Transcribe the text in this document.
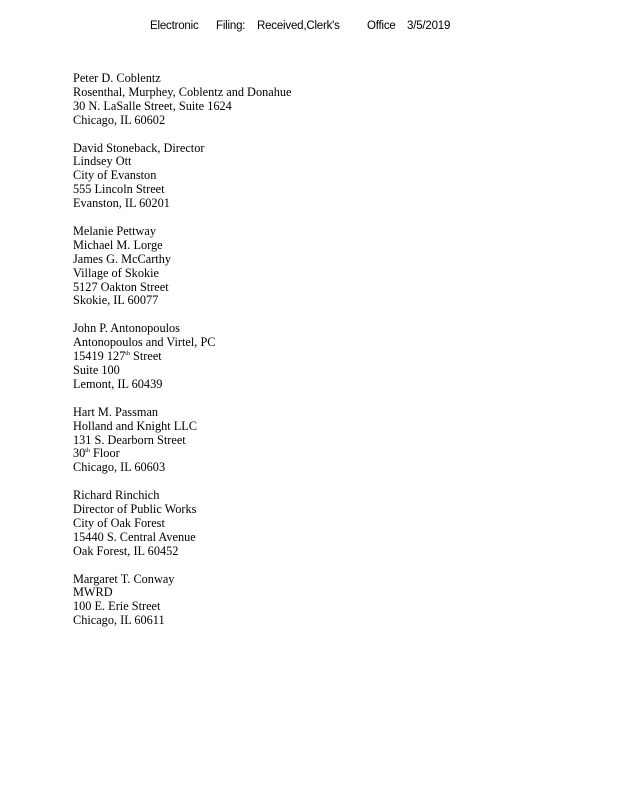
Electronic Filing: Received,Clerk's Office 3/5/2019
Peter D. Coblentz
Rosenthal, Murphey, Coblentz and Donahue
30 N. LaSalle Street, Suite 1624
Chicago, IL 60602
David Stoneback, Director
Lindsey Ott
City of Evanston
555 Lincoln Street
Evanston, IL 60201
Melanie Pettway
Michael M. Lorge
James G. McCarthy
Village of Skokie
5127 Oakton Street
Skokie, IL 60077
John P. Antonopoulos
Antonopoulos and Virtel, PC
15419 127th Street
Suite 100
Lemont, IL 60439
Hart M. Passman
Holland and Knight LLC
131 S. Dearborn Street
30th Floor
Chicago, IL 60603
Richard Rinchich
Director of Public Works
City of Oak Forest
15440 S. Central Avenue
Oak Forest, IL 60452
Margaret T. Conway
MWRD
100 E. Erie Street
Chicago, IL 60611
